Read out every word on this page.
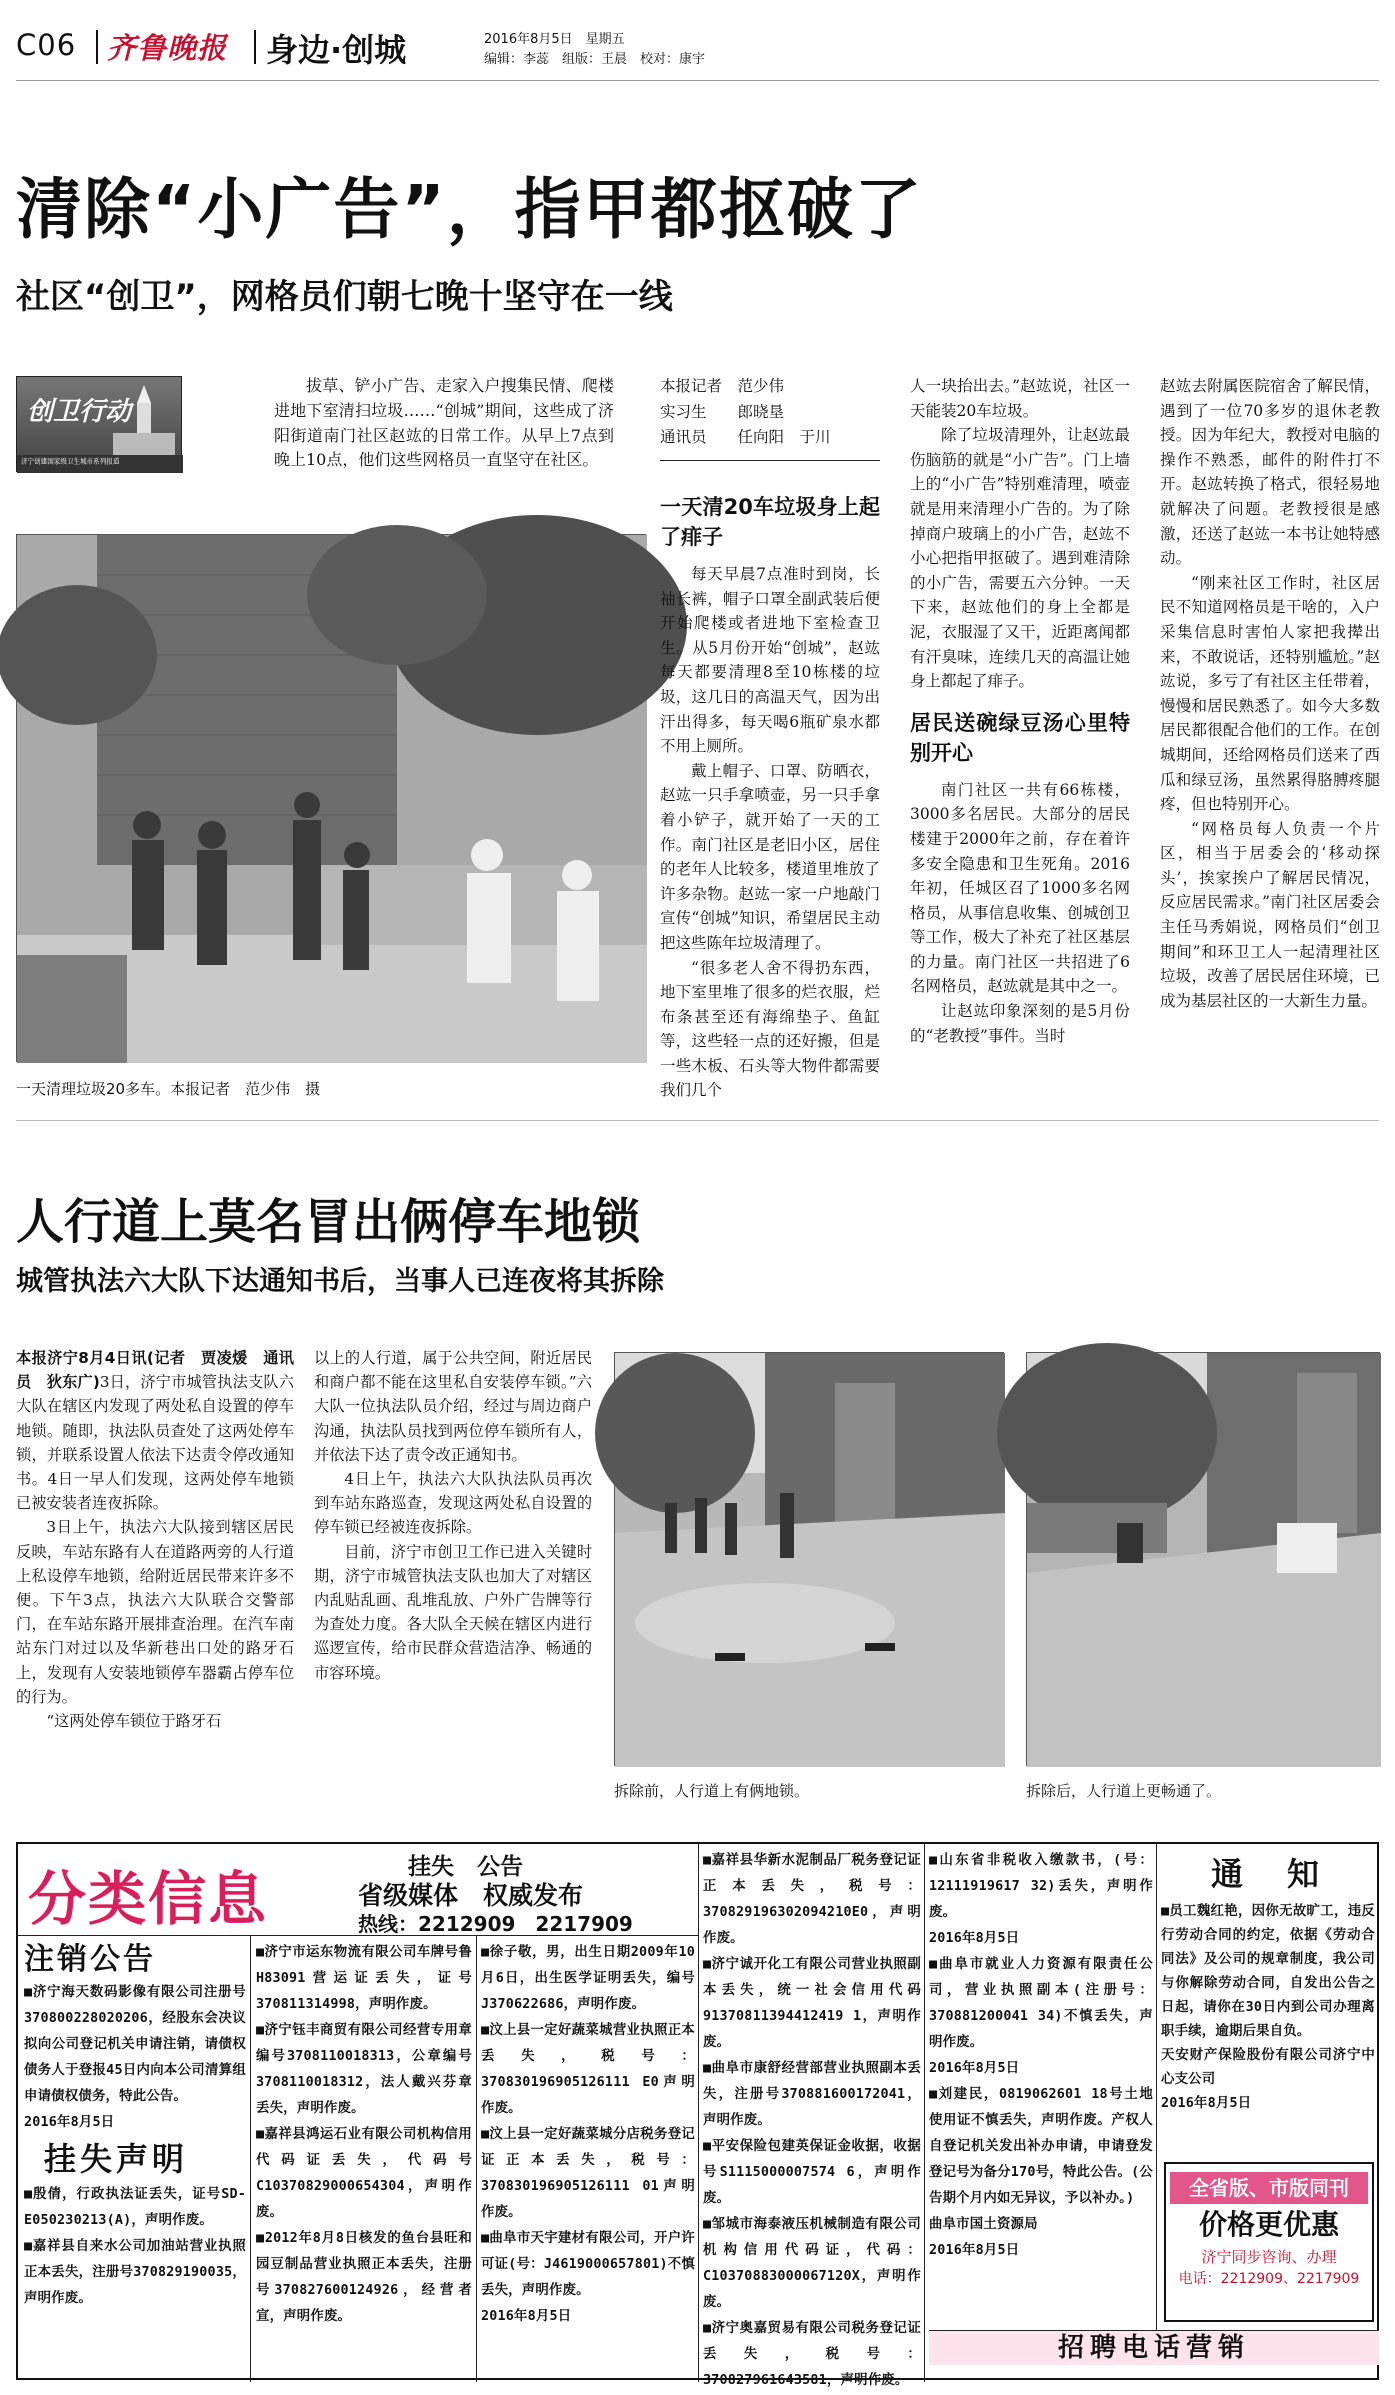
C06 齐鲁晚报 身边·创城	2016年8月5日　 星期五
编辑：李蕊　组版：王晨　校对：康宇
清除“小广告”，指甲都抠破了
社区“创卫”，网格员们朝七晚十坚守在一线
创卫行动
济宁创建国家级卫生城市系列报道

拔草、铲小广告、走家入户搜集民情、爬楼进地下室清扫垃圾……“创城”期间，这些成了济阳街道南门社区赵竑的日常工作。从早上7点到晚上10点，他们这些网格员一直坚守在社区。

本报记者　范少伟

实习生　　郎晓垦

通讯员　　任向阳　于川

一天清理垃圾20多车。本报记者　范少伟　摄
一天清20车垃圾身上起了痱子

每天早晨7点准时到岗，长袖长裤，帽子口罩全副武装后便开始爬楼或者进地下室检查卫生。从5月份开始“创城”，赵竑每天都要清理8至10栋楼的垃圾，这几日的高温天气，因为出汗出得多，每天喝6瓶矿泉水都不用上厕所。

戴上帽子、口罩、防晒衣，赵竑一只手拿喷壶，另一只手拿着小铲子，就开始了一天的工作。南门社区是老旧小区，居住的老年人比较多，楼道里堆放了许多杂物。赵竑一家一户地敲门宣传“创城”知识，希望居民主动把这些陈年垃圾清理了。

“很多老人舍不得扔东西，地下室里堆了很多的烂衣服，烂布条甚至还有海绵垫子、鱼缸等，这些轻一点的还好搬，但是一些木板、石头等大物件都需要我们几个

人一块抬出去。”赵竑说，社区一天能装20车垃圾。

除了垃圾清理外，让赵竑最伤脑筋的就是“小广告”。门上墙上的“小广告”特别难清理，喷壶就是用来清理小广告的。为了除掉商户玻璃上的小广告，赵竑不小心把指甲抠破了。遇到难清除的小广告，需要五六分钟。一天下来，赵竑他们的身上全都是泥，衣服湿了又干，近距离闻都有汗臭味，连续几天的高温让她身上都起了痱子。

居民送碗绿豆汤心里特别开心

南门社区一共有66栋楼，3000多名居民。大部分的居民楼建于2000年之前，存在着许多安全隐患和卫生死角。2016年初，任城区召了1000多名网格员，从事信息收集、创城创卫等工作，极大了补充了社区基层的力量。南门社区一共招进了6名网格员，赵竑就是其中之一。

让赵竑印象深刻的是5月份的“老教授”事件。当时

赵竑去附属医院宿舍了解民情，遇到了一位70多岁的退休老教授。因为年纪大，教授对电脑的操作不熟悉，邮件的附件打不开。赵竑转换了格式，很轻易地就解决了问题。老教授很是感激，还送了赵竑一本书让她特感动。

“刚来社区工作时，社区居民不知道网格员是干啥的，入户采集信息时害怕人家把我撵出来，不敢说话，还特别尴尬。”赵竑说，多亏了有社区主任带着，慢慢和居民熟悉了。如今大多数居民都很配合他们的工作。在创城期间，还给网格员们送来了西瓜和绿豆汤，虽然累得胳膊疼腿疼，但也特别开心。

“网格员每人负责一个片区，相当于居委会的‘移动探头’，挨家挨户了解居民情况，反应居民需求。”南门社区居委会主任马秀娟说，网格员们“创卫期间”和环卫工人一起清理社区垃圾，改善了居民居住环境，已成为基层社区的一大新生力量。

人行道上莫名冒出俩停车地锁
城管执法六大队下达通知书后，当事人已连夜将其拆除

本报济宁8月4日讯(记者　贾凌煖　通讯员　狄东广)

3日，济宁市城管执法支队六大队在辖区内发现了两处私自设置的停车地锁。随即，执法队员查处了这两处停车锁，并联系设置人依法下达责令停改通知书。4日一早人们发现，这两处停车地锁已被安装者连夜拆除。

3日上午，执法六大队接到辖区居民反映，车站东路有人在道路两旁的人行道上私设停车地锁，给附近居民带来许多不便。下午3点，执法六大队联合交警部门，在车站东路开展排查治理。在汽车南站东门对过以及华新巷出口处的路牙石上，发现有人安装地锁停车器霸占停车位的行为。

“这两处停车锁位于路牙石

以上的人行道，属于公共空间，附近居民和商户都不能在这里私自安装停车锁。”六大队一位执法队员介绍，经过与周边商户沟通，执法队员找到两位停车锁所有人，并依法下达了责令改正通知书。

4日上午，执法六大队执法队员再次到车站东路巡查，发现这两处私自设置的停车锁已经被连夜拆除。

目前，济宁市创卫工作已进入关键时期，济宁市城管执法支队也加大了对辖区内乱贴乱画、乱堆乱放、户外广告牌等行为查处力度。各大队全天候在辖区内进行巡逻宣传，给市民群众营造洁净、畅通的市容环境。

拆除前，人行道上有俩地锁。	拆除后，人行道上更畅通了。
分类信息	挂失　公告
省级媒体　权威发布
热线：2212909　2217909
注销公告
■济宁海天数码影像有限公司注册号370800228020206，经股东会决议拟向公司登记机关申请注销，请债权债务人于登报45日内向本公司清算组申请债权债务，特此公告。
2016年8月5日
挂失声明
■殷倩，行政执法证丢失，证号SD-E050230213(A)，声明作废。
■嘉祥县自来水公司加油站营业执照正本丢失，注册号370829190035，声明作废。
■济宁市运东物流有限公司车牌号鲁H83091营运证丢失，证号370811314998，声明作废。
■济宁钰丰商贸有限公司经营专用章编号3708110018313，公章编号3708110018312，法人戴兴芬章丢失，声明作废。
■嘉祥县鸿运石业有限公司机构信用代码证丢失，代码号C10370829000654304，声明作废。
■2012年8月8日核发的鱼台县旺和园豆制品营业执照正本丢失，注册号370827600124926，经营者宣，声明作废。
■徐子敬，男，出生日期2009年10月6日，出生医学证明丢失，编号J370622686，声明作废。
■汶上县一定好蔬菜城营业执照正本丢失，税号：370830196905126111 E0声明作废。
■汶上县一定好蔬菜城分店税务登记证正本丢失，税号：370830196905126111 01声明作废。
■曲阜市天宇建材有限公司，开户许可证(号：J4619000657801)不慎丢失，声明作废。
2016年8月5日
■嘉祥县华新水泥制品厂税务登记证正本丢失，税号：370829196302094210E0，声明作废。
■济宁诚开化工有限公司营业执照副本丢失，统一社会信用代码91370811394412419 1，声明作废。
■曲阜市康舒经营部营业执照副本丢失，注册号370881600172041，声明作废。
■平安保险包建英保证金收据，收据号S1115000007574 6，声明作废。
■邹城市海泰液压机械制造有限公司机构信用代码证，代码：C10370883000067120X，声明作废。
■济宁奥嘉贸易有限公司税务登记证丢失，税号：370827961643581，声明作废。
■山东省非税收入缴款书，(号：12111919617 32)丢失，声明作废。
2016年8月5日
■曲阜市就业人力资源有限责任公司，营业执照副本(注册号：370881200041 34)不慎丢失，声明作废。
2016年8月5日
■刘建民，0819062601 18号土地使用证不慎丢失，声明作废。产权人自登记机关发出补办申请，申请登发登记号为备分170号，特此公告。(公告期个月内如无异议，予以补办。)
曲阜市国土资源局
2016年8月5日
通　知
■员工魏红艳，因你无故旷工，违反行劳动合同的约定，依据《劳动合同法》及公司的规章制度，我公司与你解除劳动合同，自发出公告之日起，请你在30日内到公司办理离职手续，逾期后果自负。
天安财产保险股份有限公司济宁中心支公司
2016年8月5日
全省版、市版同刊
价格更优惠
济宁同步咨询、办理
电话：2212909、2217909
招聘电话营销
